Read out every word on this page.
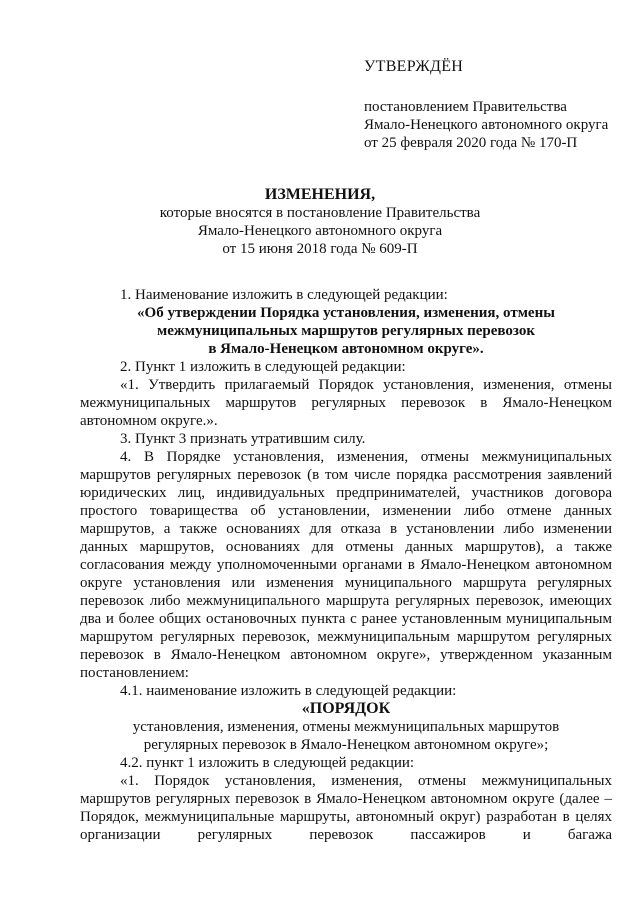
УТВЕРЖДЁН
постановлением Правительства
Ямало-Ненецкого автономного округа
от 25 февраля 2020 года № 170-П
ИЗМЕНЕНИЯ,
которые вносятся в постановление Правительства
Ямало-Ненецкого автономного округа
от 15 июня 2018 года № 609-П

1. Наименование изложить в следующей редакции:

«Об утверждении Порядка установления, изменения, отмены

межмуниципальных маршрутов регулярных перевозок

в Ямало-Ненецком автономном округе».

2. Пункт 1 изложить в следующей редакции:

«1. Утвердить прилагаемый Порядок установления, изменения, отмены межмуниципальных маршрутов регулярных перевозок в Ямало-Ненецком автономном округе.».

3. Пункт 3 признать утратившим силу.

4. В Порядке установления, изменения, отмены межмуниципальных маршрутов регулярных перевозок (в том числе порядка рассмотрения заявлений юридических лиц, индивидуальных предпринимателей, участников договора простого товарищества об установлении, изменении либо отмене данных маршрутов, а также основаниях для отказа в установлении либо изменении данных маршрутов, основаниях для отмены данных маршрутов), а также согласования между уполномоченными органами в Ямало-Ненецком автономном округе установления или изменения муниципального маршрута регулярных перевозок либо межмуниципального маршрута регулярных перевозок, имеющих два и более общих остановочных пункта с ранее установленным муниципальным маршрутом регулярных перевозок, межмуниципальным маршрутом регулярных перевозок в Ямало-Ненецком автономном округе», утвержденном указанным постановлением:

4.1. наименование изложить в следующей редакции:

«ПОРЯДОК

установления, изменения, отмены межмуниципальных маршрутов

регулярных перевозок в Ямало-Ненецком автономном округе»;

4.2. пункт 1 изложить в следующей редакции:

«1. Порядок установления, изменения, отмены межмуниципальных маршрутов регулярных перевозок в Ямало-Ненецком автономном округе (далее – Порядок, межмуниципальные маршруты, автономный округ) разработан в целях организации регулярных перевозок пассажиров и багажа
